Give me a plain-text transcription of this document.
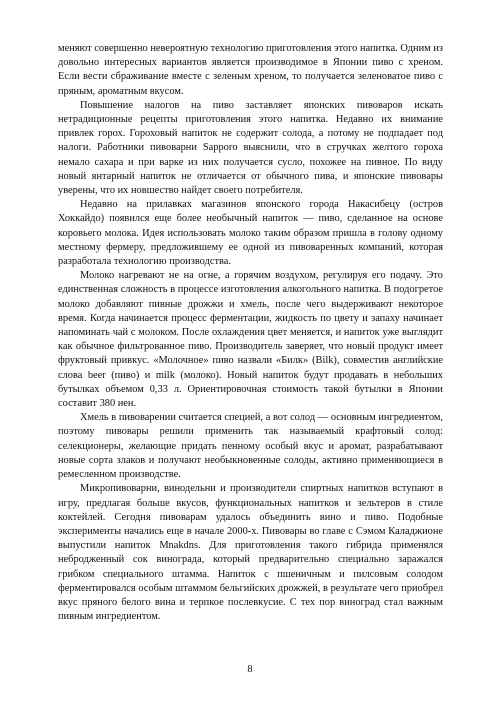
меняют совершенно невероятную технологию приготовления этого напитка. Одним из довольно интересных вариантов является производимое в Японии пиво с хреном. Если вести сбраживание вместе с зеленым хреном, то получается зеленоватое пиво с пряным, ароматным вкусом.

Повышение налогов на пиво заставляет японских пивоваров искать нетрадиционные рецепты приготовления этого напитка. Недавно их внимание привлек горох. Гороховый напиток не содержит солода, а потому не подпадает под налоги. Работники пивоварни Sapporo выяснили, что в стручках желтого гороха немало сахара и при варке из них получается сусло, похожее на пивное. По виду новый янтарный напиток не отличается от обычного пива, и японские пивовары уверены, что их новшество найдет своего потребителя.

Недавно на прилавках магазинов японского города Накасибецу (остров Хоккайдо) появился еще более необычный напиток — пиво, сделанное на основе коровьего молока. Идея использовать молоко таким образом пришла в голову одному местному фермеру, предложившему ее одной из пивоваренных компаний, которая разработала технологию производства.

Молоко нагревают не на огне, а горячим воздухом, регулируя его подачу. Это единственная сложность в процессе изготовления алкогольного напитка. В подогретое молоко добавляют пивные дрожжи и хмель, после чего выдерживают некоторое время. Когда начинается процесс ферментации, жидкость по цвету и запаху начинает напоминать чай с молоком. После охлаждения цвет меняется, и напиток уже выглядит как обычное фильтрованное пиво. Производитель заверяет, что новый продукт имеет фруктовый привкус. «Молочное» пиво назвали «Билк» (Bilk), совместив английские слова beer (пиво) и milk (молоко). Новый напиток будут продавать в небольших бутылках объемом 0,33 л. Ориентировочная стоимость такой бутылки в Японии составит 380 иен.

Хмель в пивоварении считается специей, а вот солод — основным ингредиентом, поэтому пивовары решили применить так называемый крафтовый солод: селекционеры, желающие придать пенному особый вкус и аромат, разрабатывают новые сорта злаков и получают необыкновенные солоды, активно применяющиеся в ремесленном производстве.

Микропивоварни, винодельни и производители спиртных напитков вступают в игру, предлагая больше вкусов, функциональных напитков и зельтеров в стиле коктейлей. Сегодня пивоварам удалось объединить вино и пиво. Подобные эксперименты начались еще в начале 2000-х. Пивовары во главе с Сэмом Каладжионе выпустили напиток Mnakdns. Для приготовления такого гибрида применялся небродженный сок винограда, который предварительно специально заражался грибком специального штамма. Напиток с пшеничным и пилсовым солодом ферментировался особым штаммом бельгийских дрожжей, в результате чего приобрел вкус пряного белого вина и терпкое послевкусие. С тех пор виноград стал важным пивным ингредиентом.

8
